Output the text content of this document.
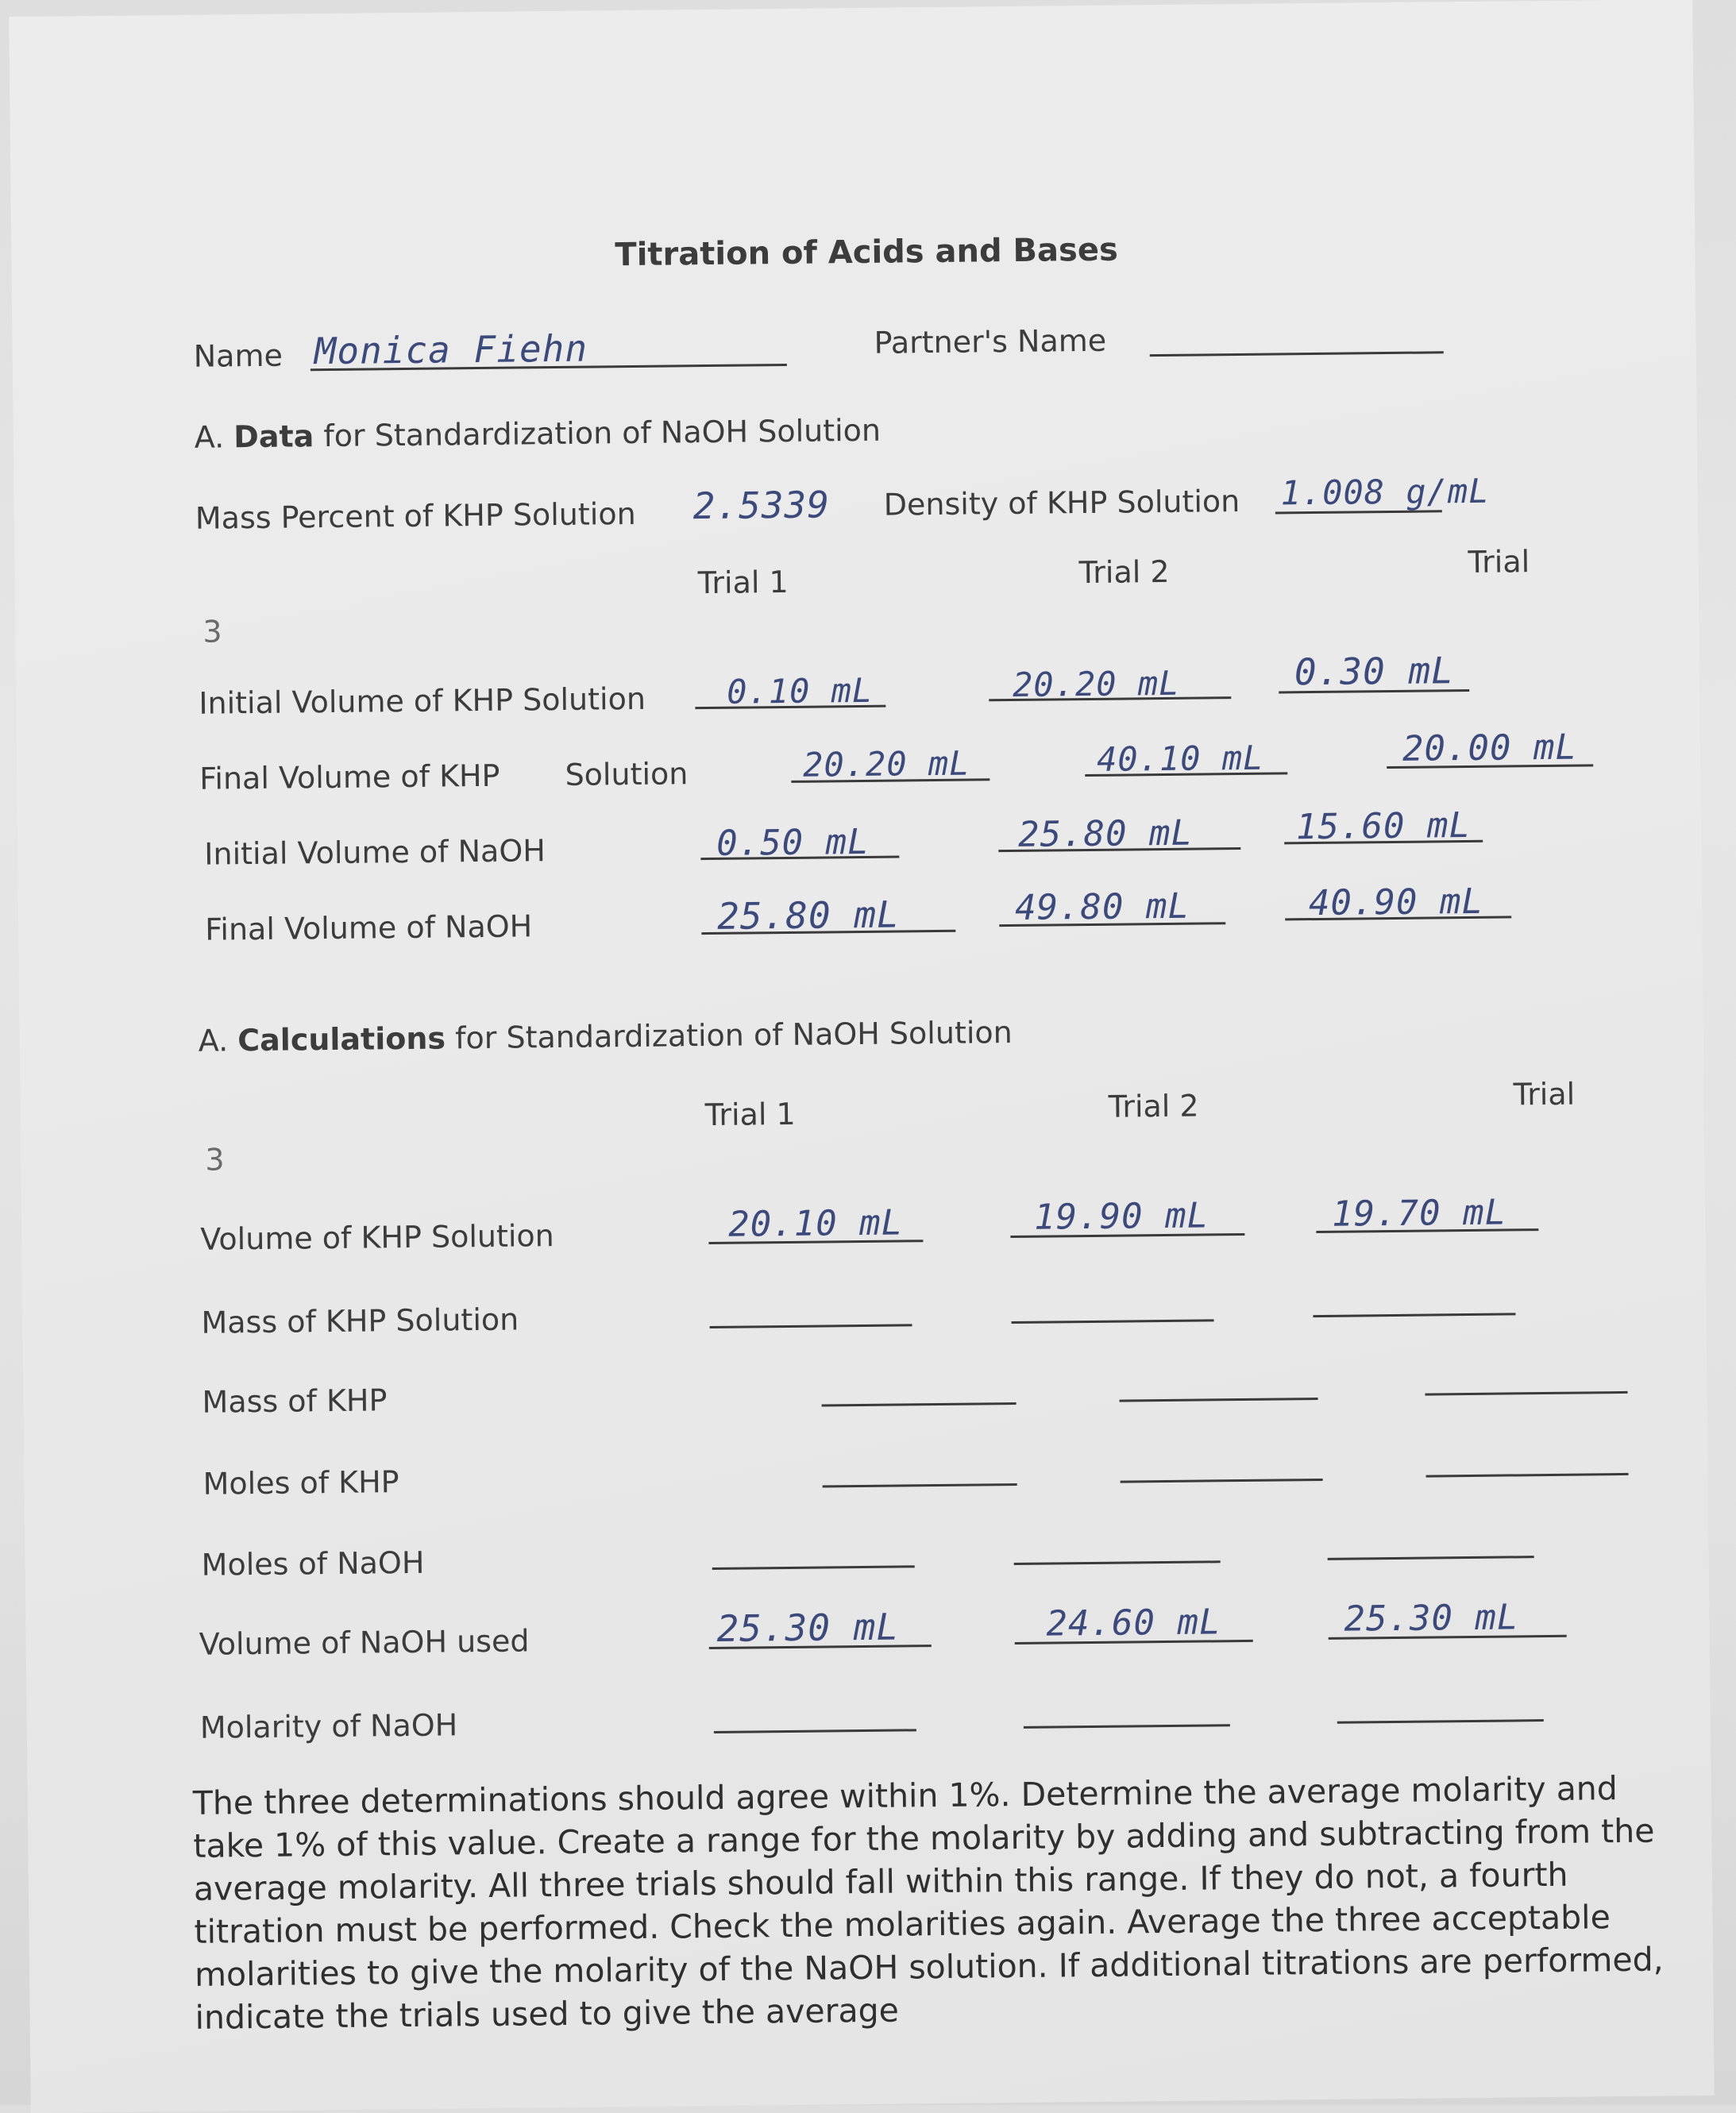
Titration of Acids and Bases
Name Monica Fiehn	Partner's Name
A. Data for Standardization of NaOH Solution
Mass Percent of KHP Solution 2.5339 Density of KHP Solution 1.008 g/mL
Trial 1	Trial 2	Trial
3
Initial Volume of KHP Solution 0.10 mL	20.20 mL	0.30 mL
Final Volume of KHP Solution	20.20 mL	40.10 mL	20.00 mL
Initial Volume of NaOH	0.50 mL	25.80 mL	15.60 mL
Final Volume of NaOH	25.80 mL	49.80 mL	40.90 mL
A. Calculations for Standardization of NaOH Solution
Trial 1	Trial 2	Trial
3
Volume of KHP Solution	20.10 mL	19.90 mL	19.70 mL
Mass of KHP Solution
Mass of KHP
Moles of KHP
Moles of NaOH
Volume of NaOH used	25.30 mL	24.60 mL	25.30 mL
Molarity of NaOH
The three determinations should agree within 1%. Determine the average molarity and take 1% of this value. Create a range for the molarity by adding and subtracting from the average molarity. All three trials should fall within this range. If they do not, a fourth titration must be performed. Check the molarities again. Average the three acceptable molarities to give the molarity of the NaOH solution. If additional titrations are performed, indicate the trials used to give the average
